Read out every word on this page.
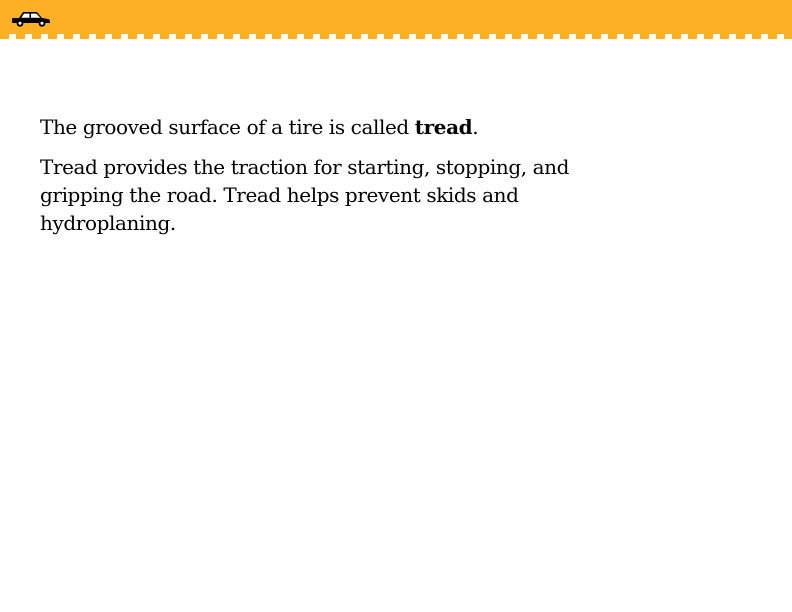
The grooved surface of a tire is called tread.

Tread provides the traction for starting, stopping, and gripping the road. Tread helps prevent skids and hydroplaning.
